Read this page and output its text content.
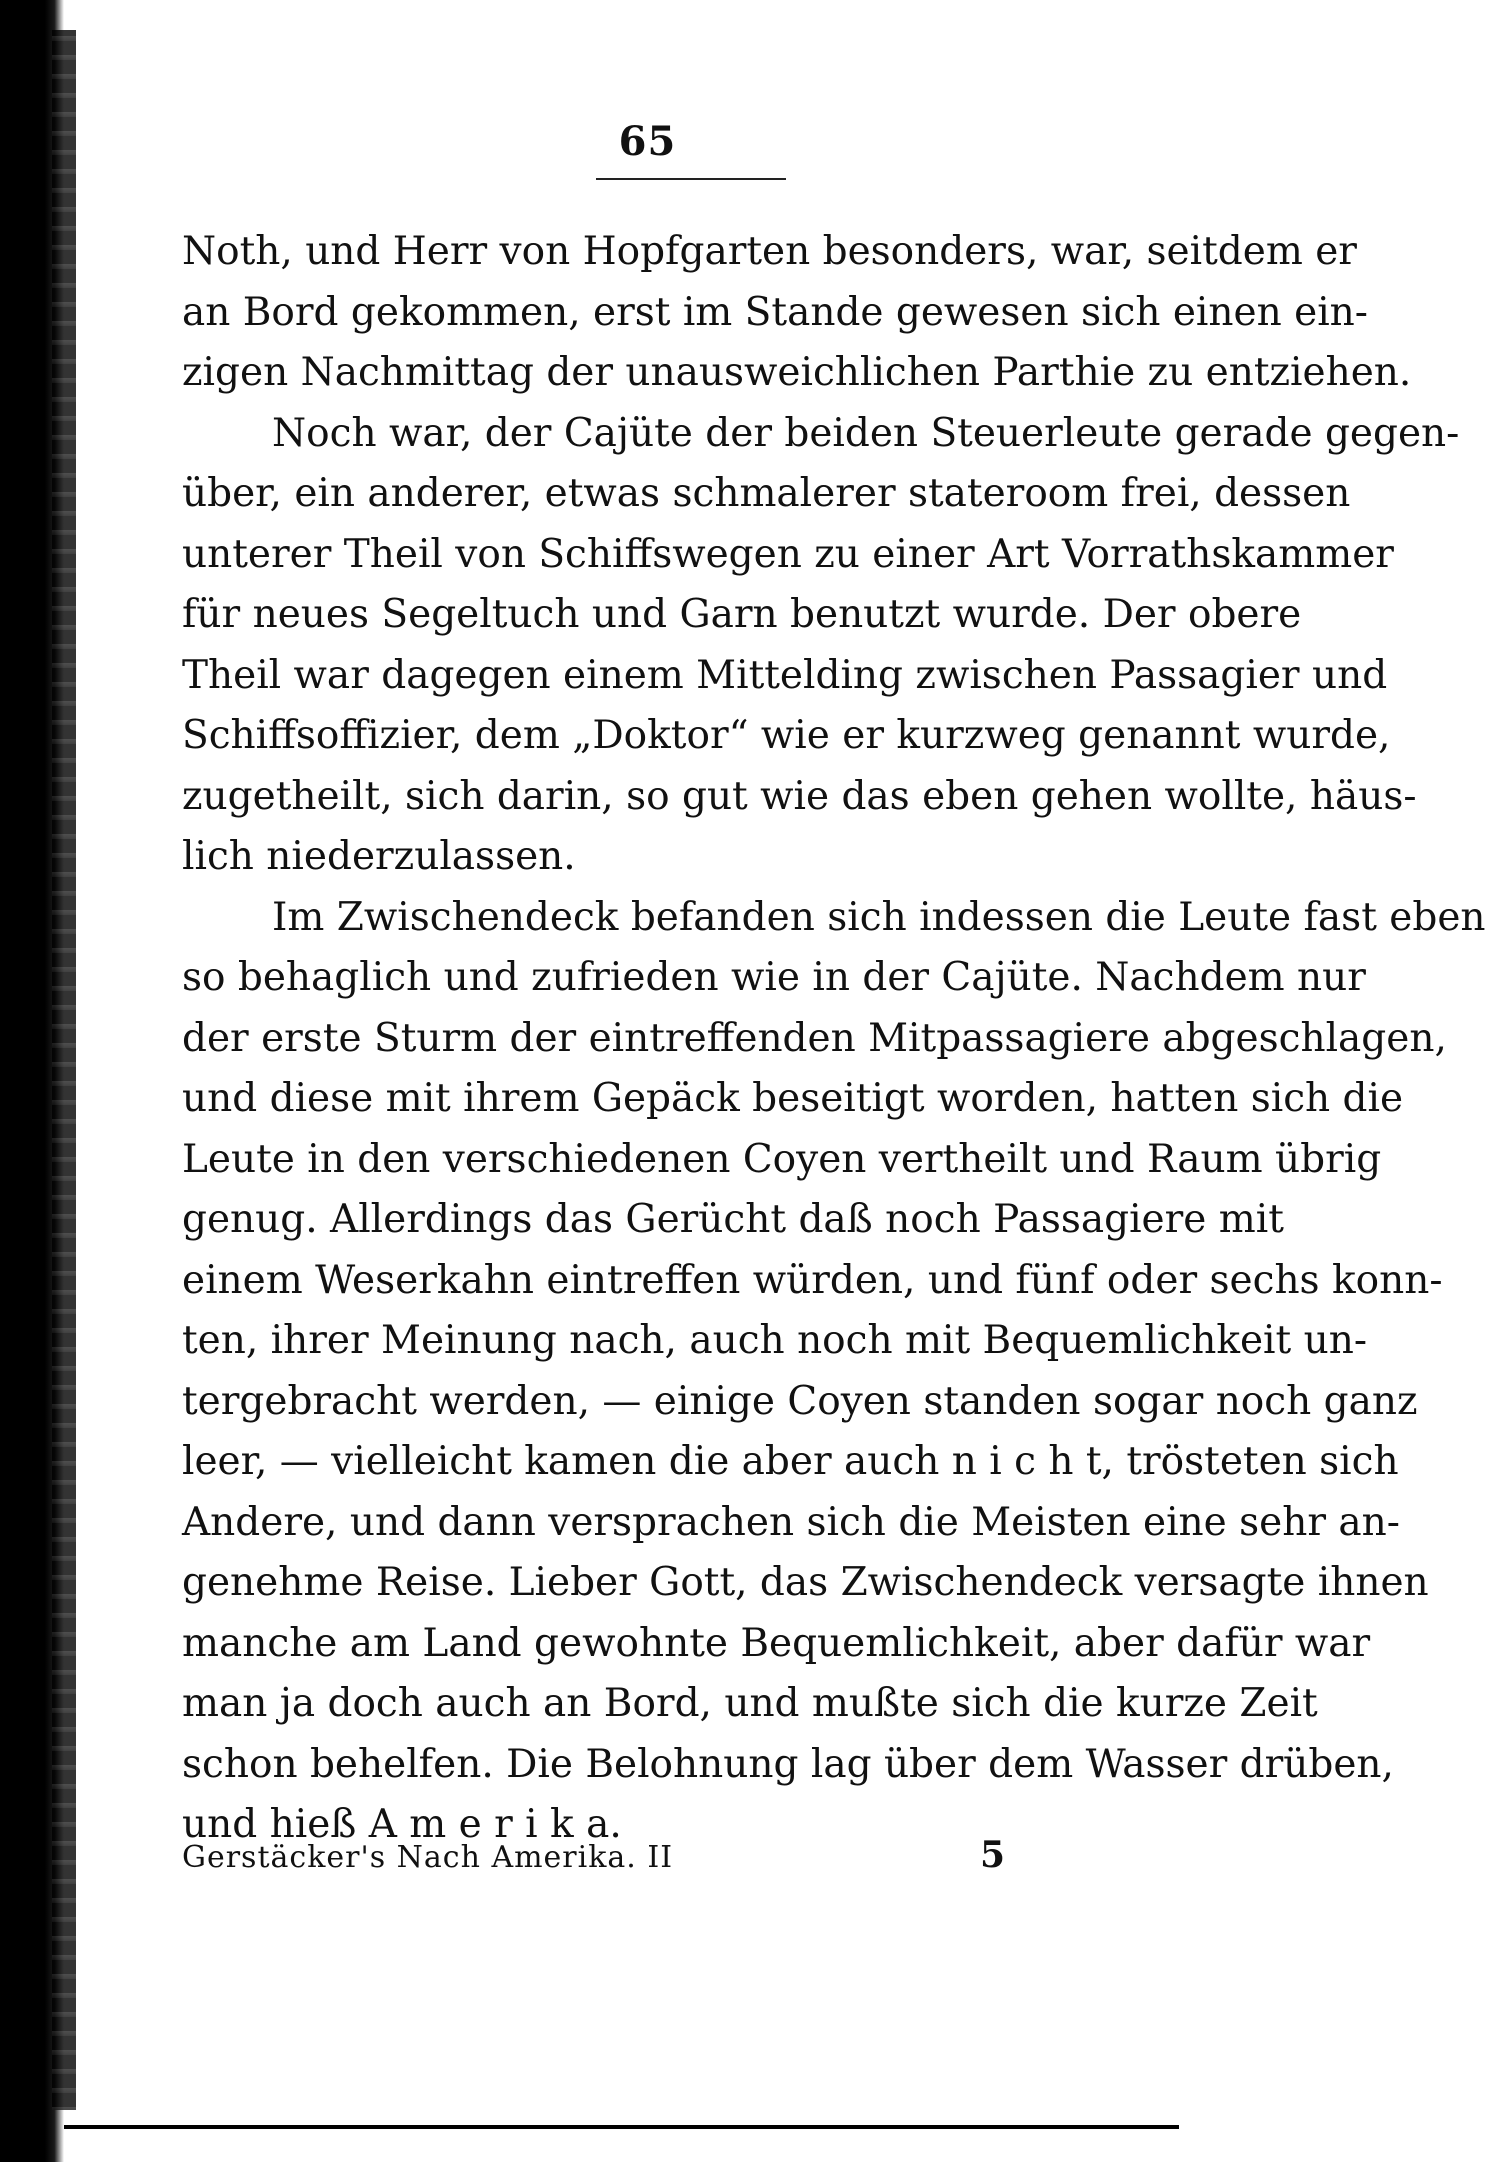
65
Noth, und Herr von Hopfgarten besonders, war, seitdem er
an Bord gekommen, erst im Stande gewesen sich einen ein-
zigen Nachmittag der unausweichlichen Parthie zu entziehen.
Noch war, der Cajüte der beiden Steuerleute gerade gegen-
über, ein anderer, etwas schmalerer stateroom frei, dessen
unterer Theil von Schiffswegen zu einer Art Vorrathskammer
für neues Segeltuch und Garn benutzt wurde. Der obere
Theil war dagegen einem Mittelding zwischen Passagier und
Schiffsoffizier, dem „Doktor“ wie er kurzweg genannt wurde,
zugetheilt, sich darin, so gut wie das eben gehen wollte, häus-
lich niederzulassen.
Im Zwischendeck befanden sich indessen die Leute fast eben
so behaglich und zufrieden wie in der Cajüte. Nachdem nur
der erste Sturm der eintreffenden Mitpassagiere abgeschlagen,
und diese mit ihrem Gepäck beseitigt worden, hatten sich die
Leute in den verschiedenen Coyen vertheilt und Raum übrig
genug. Allerdings das Gerücht daß noch Passagiere mit
einem Weserkahn eintreffen würden, und fünf oder sechs konn-
ten, ihrer Meinung nach, auch noch mit Bequemlichkeit un-
tergebracht werden, — einige Coyen standen sogar noch ganz
leer, — vielleicht kamen die aber auch n i c h t, trösteten sich
Andere, und dann versprachen sich die Meisten eine sehr an-
genehme Reise. Lieber Gott, das Zwischendeck versagte ihnen
manche am Land gewohnte Bequemlichkeit, aber dafür war
man ja doch auch an Bord, und mußte sich die kurze Zeit
schon behelfen. Die Belohnung lag über dem Wasser drüben,
und hieß A m e r i k a.
Gerstäcker's Nach Amerika. II	5
